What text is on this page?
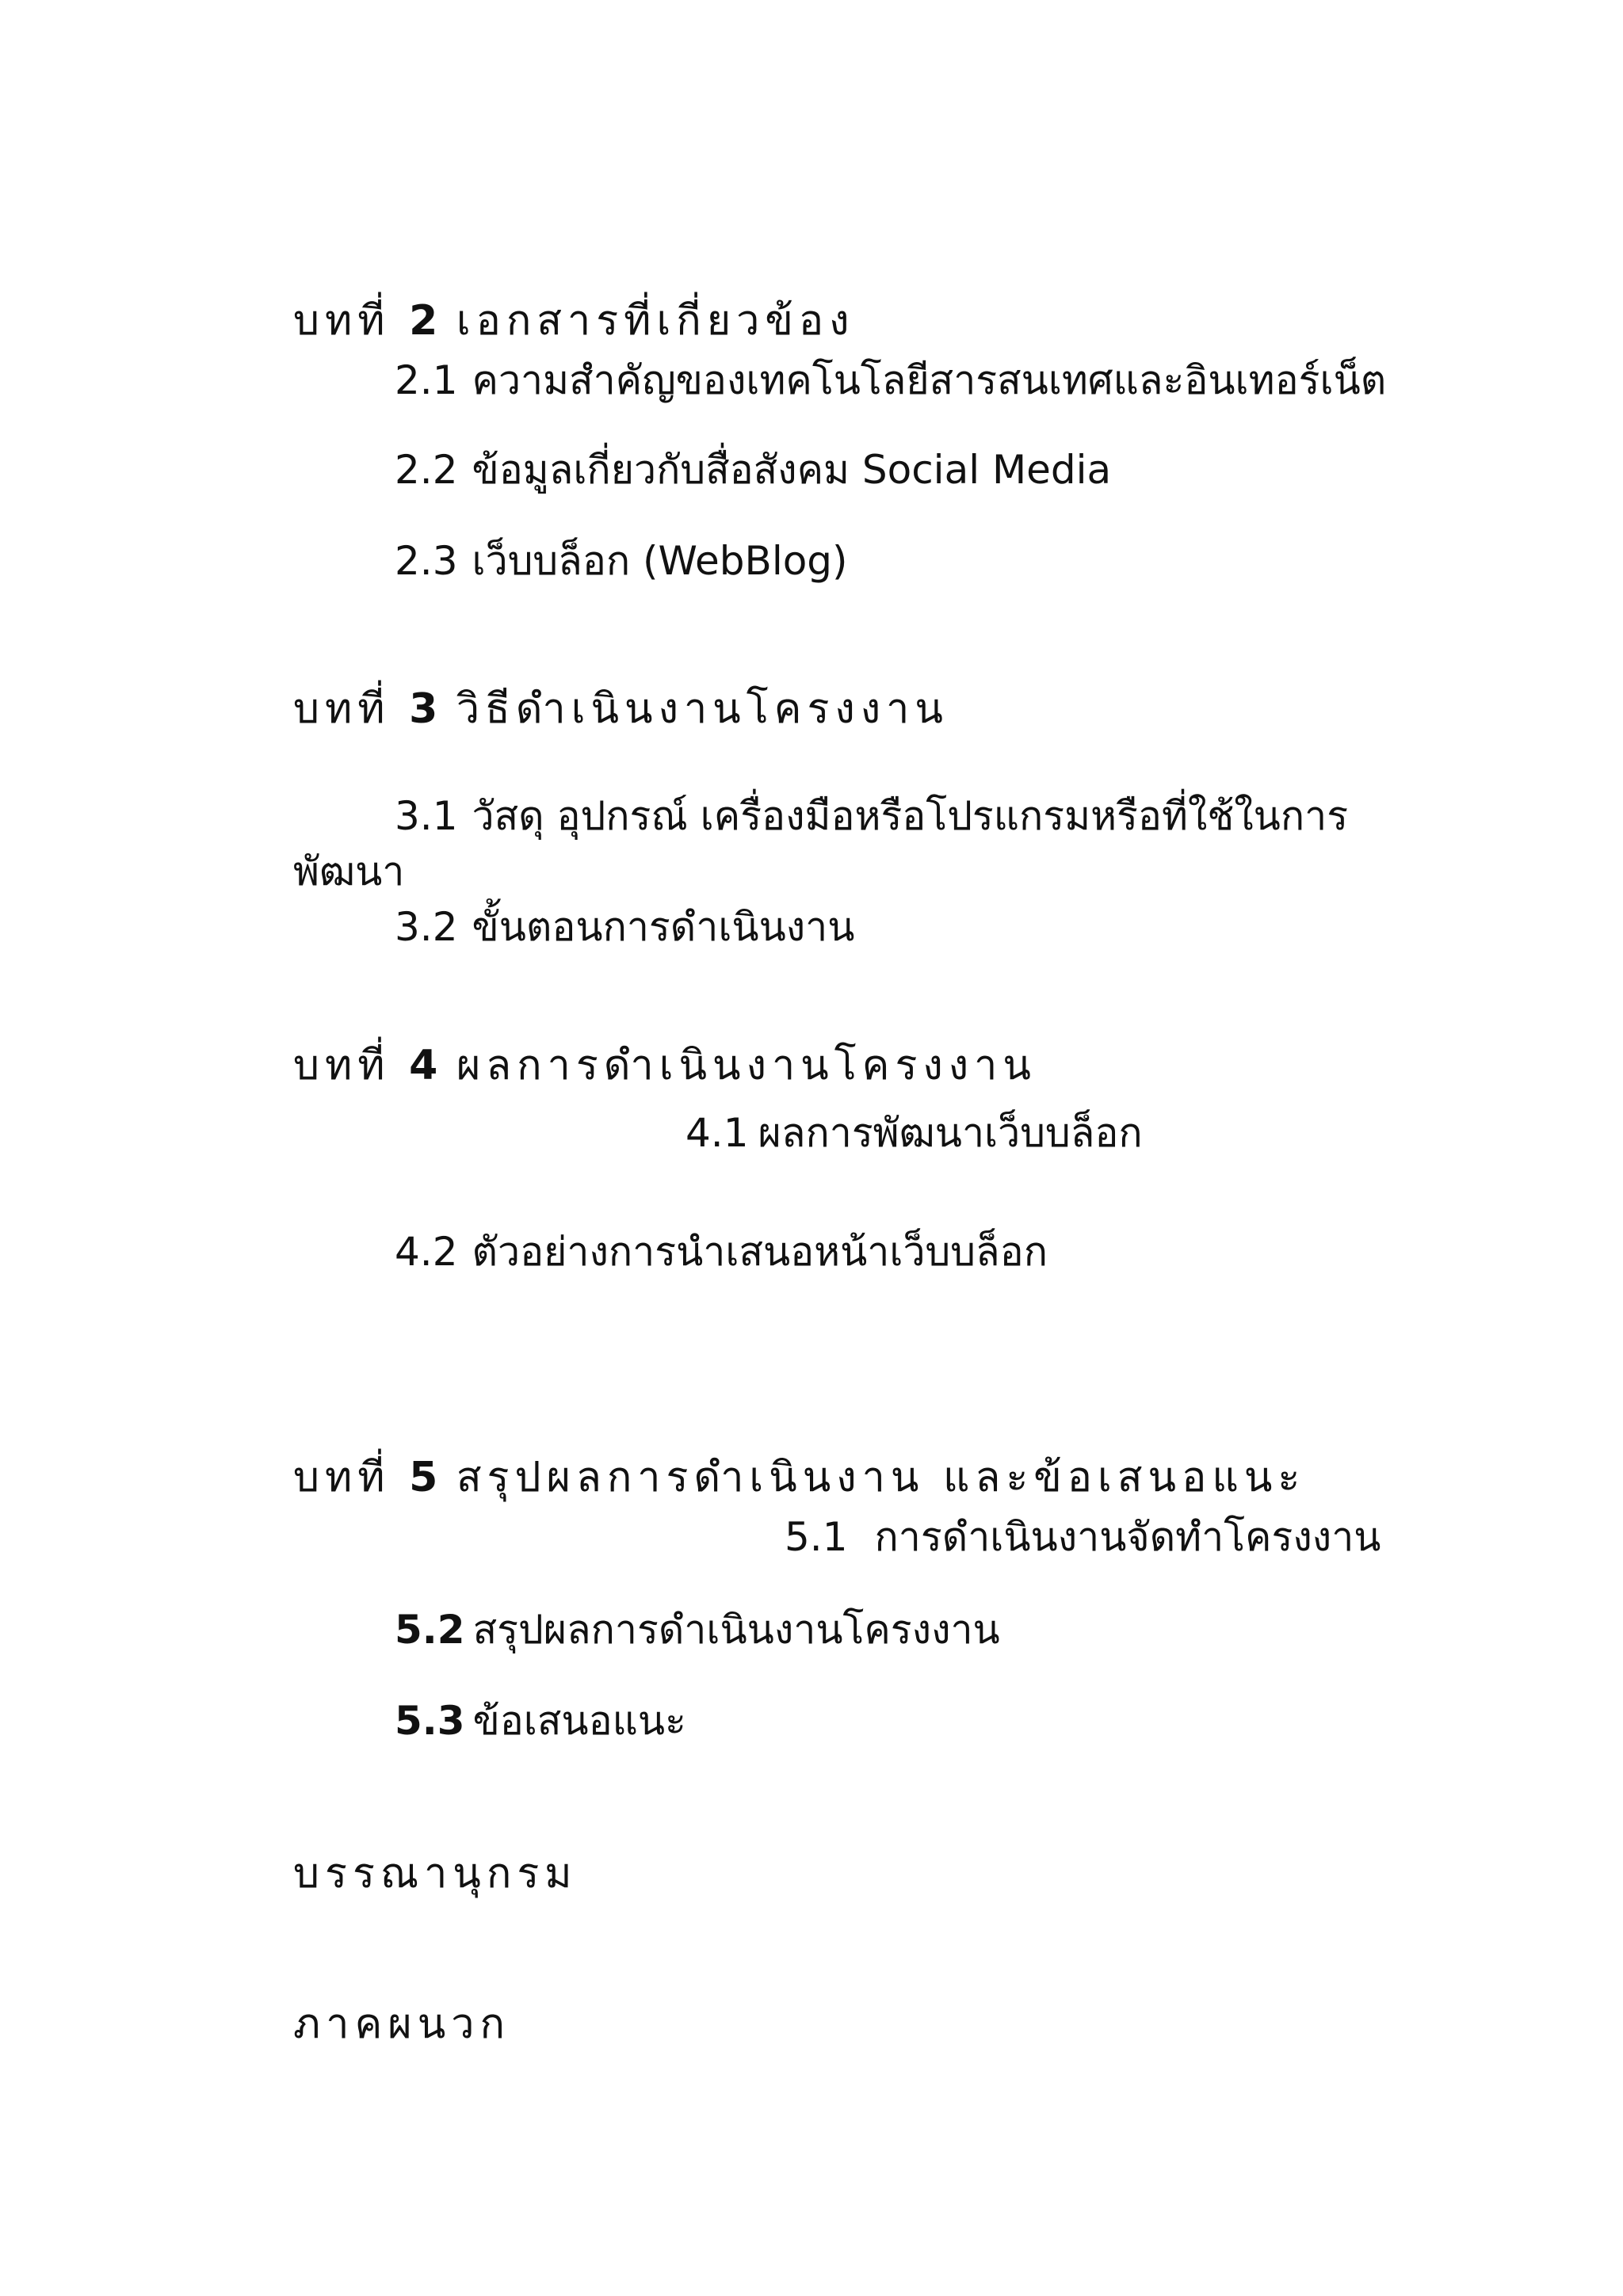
บทที่ 2 เอกสารที่เกี่ยวข้อง
2.1 ความสำคัญของเทคโนโลยีสารสนเทศและอินเทอร์เน็ต
2.2 ข้อมูลเกี่ยวกับสื่อสังคม Social Media
2.3 เว็บบล็อก (WebBlog)
บทที่ 3 วิธีดำเนินงานโครงงาน
3.1 วัสดุ อุปกรณ์ เครื่องมือหรือโปรแกรมหรือที่ใช้ในการ
พัฒนา
3.2 ขั้นตอนการดำเนินงาน
บทที่ 4 ผลการดำเนินงานโครงงาน
4.1 ผลการพัฒนาเว็บบล็อก
4.2 ตัวอย่างการนำเสนอหน้าเว็บบล็อก
บทที่ 5 สรุปผลการดำเนินงาน และข้อเสนอแนะ
5.1 การดำเนินงานจัดทำโครงงาน
5.2 สรุปผลการดำเนินงานโครงงาน
5.3 ข้อเสนอแนะ
บรรณานุกรม
ภาคผนวก
